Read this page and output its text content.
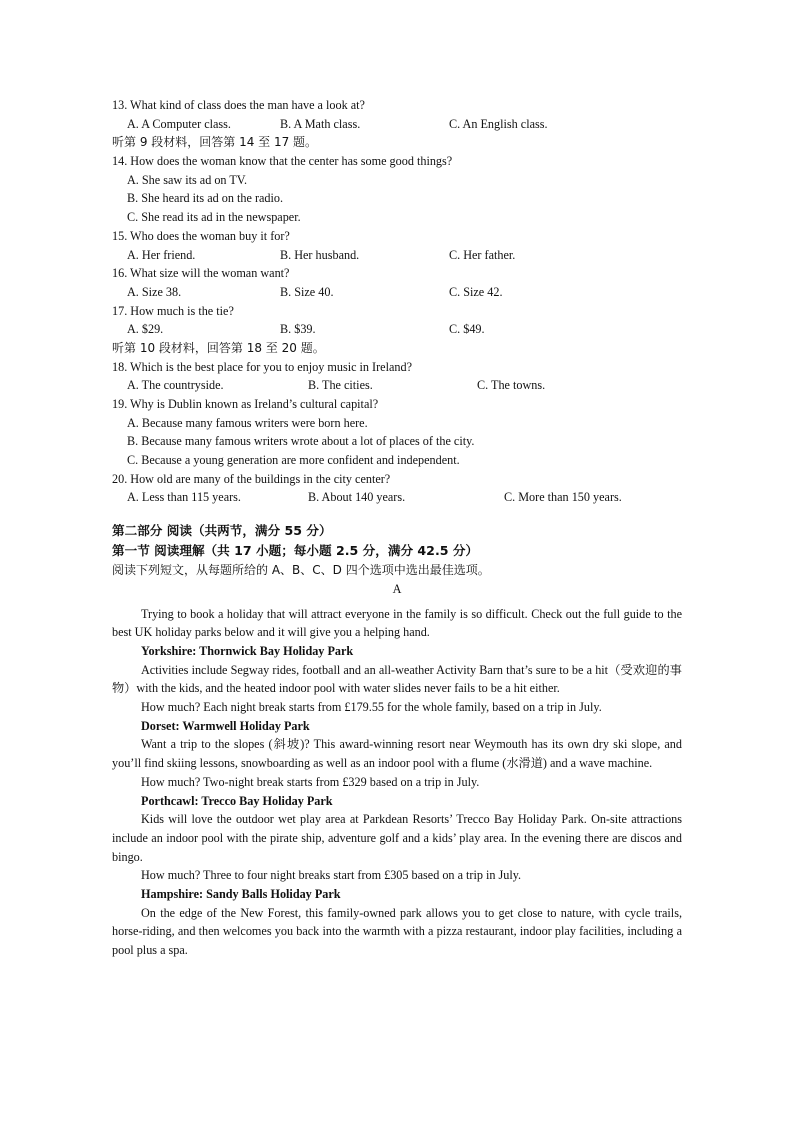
13. What kind of class does the man have a look at?
A. A Computer class.	B. A Math class.	C. An English class.
听第 9 段材料，回答第 14 至 17 题。
14. How does the woman know that the center has some good things?
A. She saw its ad on TV.
B. She heard its ad on the radio.
C. She read its ad in the newspaper.
15. Who does the woman buy it for?
A. Her friend.	B. Her husband.	C. Her father.
16. What size will the woman want?
A. Size 38.	B. Size 40.	C. Size 42.
17. How much is the tie?
A. $29.	B. $39.	C. $49.
听第 10 段材料，回答第 18 至 20 题。
18. Which is the best place for you to enjoy music in Ireland?
A. The countryside.	B. The cities.	C. The towns.
19. Why is Dublin known as Ireland’s cultural capital?
A. Because many famous writers were born here.
B. Because many famous writers wrote about a lot of places of the city.
C. Because a young generation are more confident and independent.
20. How old are many of the buildings in the city center?
A. Less than 115 years.	B. About 140 years.	C. More than 150 years.
第二部分 阅读（共两节，满分 55 分）
第一节 阅读理解（共 17 小题；每小题 2.5 分，满分 42.5 分）
阅读下列短文，从每题所给的 A、B、C、D 四个选项中选出最佳选项。
A

Trying to book a holiday that will attract everyone in the family is so difficult. Check out the full guide to the best UK holiday parks below and it will give you a helping hand.

Yorkshire: Thornwick Bay Holiday Park

Activities include Segway rides, football and an all-weather Activity Barn that’s sure to be a hit（受欢迎的事物）with the kids, and the heated indoor pool with water slides never fails to be a hit either.

How much? Each night break starts from £179.55 for the whole family, based on a trip in July.

Dorset: Warmwell Holiday Park

Want a trip to the slopes (斜坡)? This award-winning resort near Weymouth has its own dry ski slope, and you’ll find skiing lessons, snowboarding as well as an indoor pool with a flume (水滑道) and a wave machine.

How much? Two-night break starts from £329 based on a trip in July.

Porthcawl: Trecco Bay Holiday Park

Kids will love the outdoor wet play area at Parkdean Resorts’ Trecco Bay Holiday Park. On-site attractions include an indoor pool with the pirate ship, adventure golf and a kids’ play area. In the evening there are discos and bingo.

How much? Three to four night breaks start from £305 based on a trip in July.

Hampshire: Sandy Balls Holiday Park

On the edge of the New Forest, this family-owned park allows you to get close to nature, with cycle trails, horse-riding, and then welcomes you back into the warmth with a pizza restaurant, indoor play facilities, including a pool plus a spa.
